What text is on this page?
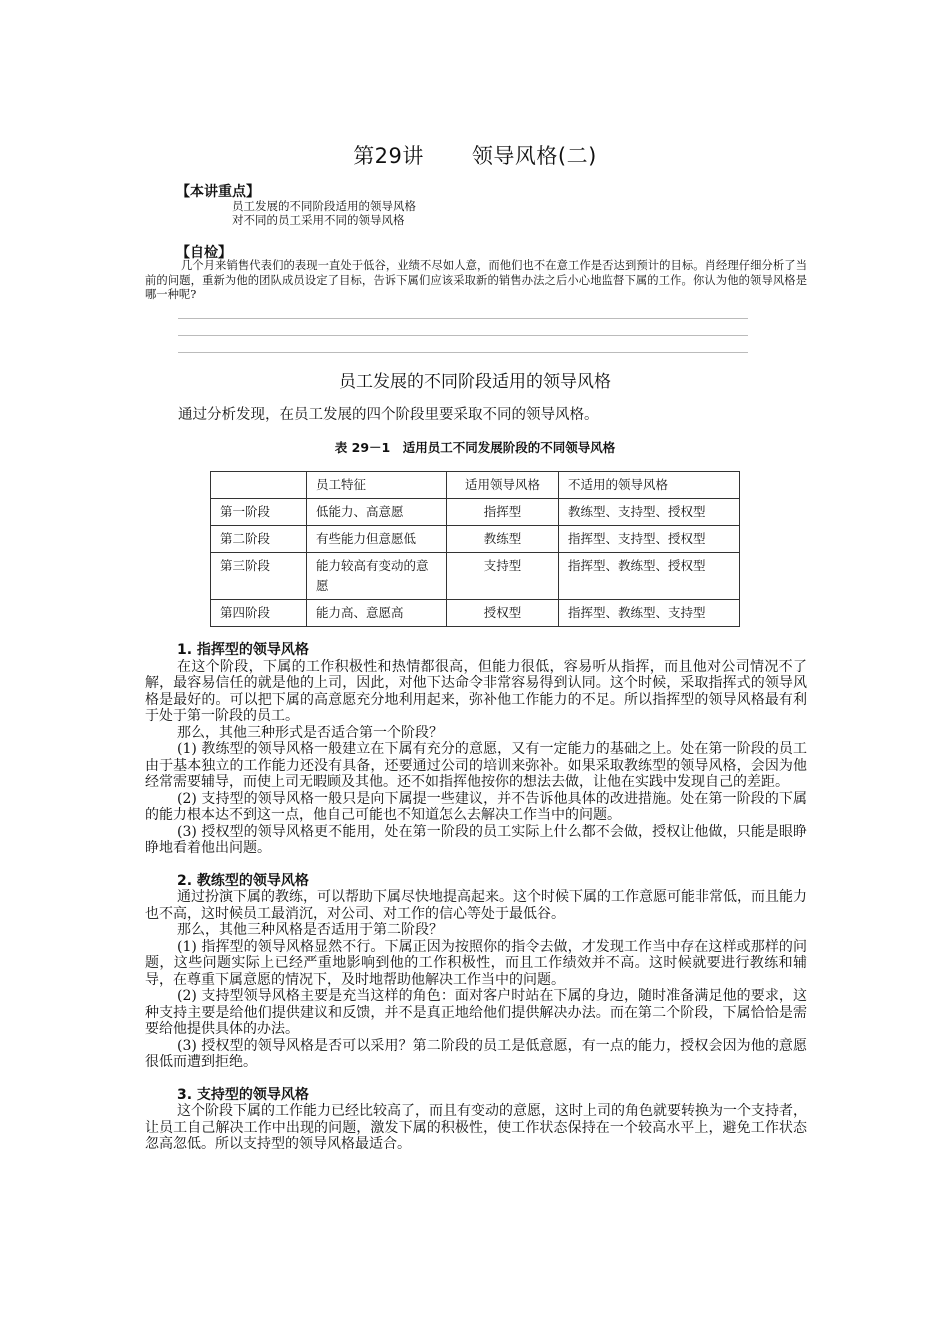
第29讲 领导风格(二)
【本讲重点】
员工发展的不同阶段适用的领导风格
对不同的员工采用不同的领导风格
【自检】
几个月来销售代表们的表现一直处于低谷，业绩不尽如人意，而他们也不在意工作是否达到预计的目标。肖经理仔细分析了当前的问题，重新为他的团队成员设定了目标，告诉下属们应该采取新的销售办法之后小心地监督下属的工作。你认为他的领导风格是哪一种呢?
员工发展的不同阶段适用的领导风格
通过分析发现，在员工发展的四个阶段里要采取不同的领导风格。
表 29－1　适用员工不同发展阶段的不同领导风格
	员工特征	适用领导风格	不适用的领导风格
第一阶段	低能力、高意愿	指挥型	教练型、支持型、授权型
第二阶段	有些能力但意愿低	教练型	指挥型、支持型、授权型
第三阶段	能力较高有变动的意愿	支持型	指挥型、教练型、授权型
第四阶段	能力高、意愿高	授权型	指挥型、教练型、支持型
1. 指挥型的领导风格

在这个阶段，下属的工作积极性和热情都很高，但能力很低，容易听从指挥，而且他对公司情况不了解，最容易信任的就是他的上司，因此，对他下达命令非常容易得到认同。这个时候，采取指挥式的领导风格是最好的。可以把下属的高意愿充分地利用起来，弥补他工作能力的不足。所以指挥型的领导风格最有利于处于第一阶段的员工。

那么，其他三种形式是否适合第一个阶段？

(1) 教练型的领导风格一般建立在下属有充分的意愿，又有一定能力的基础之上。处在第一阶段的员工由于基本独立的工作能力还没有具备，还要通过公司的培训来弥补。如果采取教练型的领导风格，会因为他经常需要辅导，而使上司无暇顾及其他。还不如指挥他按你的想法去做，让他在实践中发现自己的差距。

(2) 支持型的领导风格一般只是向下属提一些建议，并不告诉他具体的改进措施。处在第一阶段的下属的能力根本达不到这一点，他自己可能也不知道怎么去解决工作当中的问题。

(3) 授权型的领导风格更不能用，处在第一阶段的员工实际上什么都不会做，授权让他做，只能是眼睁睁地看着他出问题。

2. 教练型的领导风格

通过扮演下属的教练，可以帮助下属尽快地提高起来。这个时候下属的工作意愿可能非常低，而且能力也不高，这时候员工最消沉，对公司、对工作的信心等处于最低谷。

那么，其他三种风格是否适用于第二阶段？

(1) 指挥型的领导风格显然不行。下属正因为按照你的指令去做，才发现工作当中存在这样或那样的问题，这些问题实际上已经严重地影响到他的工作积极性，而且工作绩效并不高。这时候就要进行教练和辅导，在尊重下属意愿的情况下，及时地帮助他解决工作当中的问题。

(2) 支持型领导风格主要是充当这样的角色：面对客户时站在下属的身边，随时准备满足他的要求，这种支持主要是给他们提供建议和反馈，并不是真正地给他们提供解决办法。而在第二个阶段，下属恰恰是需要给他提供具体的办法。

(3) 授权型的领导风格是否可以采用？第二阶段的员工是低意愿，有一点的能力，授权会因为他的意愿很低而遭到拒绝。

3. 支持型的领导风格

这个阶段下属的工作能力已经比较高了，而且有变动的意愿，这时上司的角色就要转换为一个支持者，让员工自己解决工作中出现的问题，激发下属的积极性，使工作状态保持在一个较高水平上，避免工作状态忽高忽低。所以支持型的领导风格最适合。
